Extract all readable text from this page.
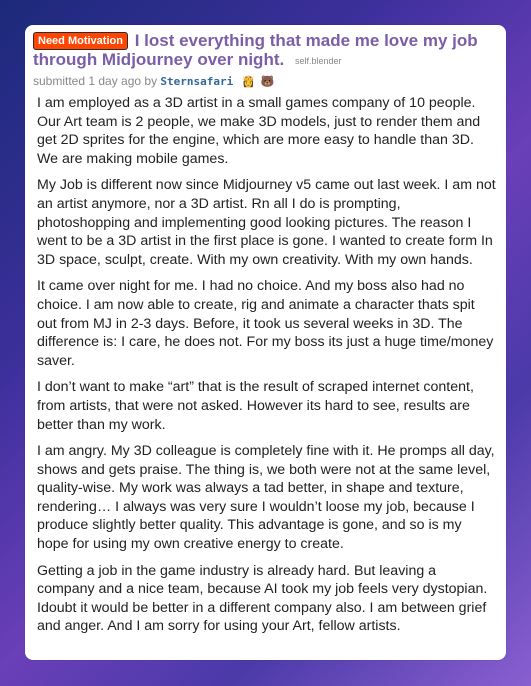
Need Motivation I lost everything that made me love my job through Midjourney over night. self.blender
submitted 1 day ago by Sternsafari 👸 🐻

I am employed as a 3D artist in a small games company of 10 people. Our Art team is 2 people, we make 3D models, just to render them and get 2D sprites for the engine, which are more easy to handle than 3D. We are making mobile games.

My Job is different now since Midjourney v5 came out last week. I am not an artist anymore, nor a 3D artist. Rn all I do is prompting, photoshopping and implementing good looking pictures. The reason I went to be a 3D artist in the first place is gone. I wanted to create form In 3D space, sculpt, create. With my own creativity. With my own hands.

It came over night for me. I had no choice. And my boss also had no choice. I am now able to create, rig and animate a character thats spit out from MJ in 2-3 days. Before, it took us several weeks in 3D. The difference is: I care, he does not. For my boss its just a huge time/money saver.

I don’t want to make “art” that is the result of scraped internet content, from artists, that were not asked. However its hard to see, results are better than my work.

I am angry. My 3D colleague is completely fine with it. He promps all day, shows and gets praise. The thing is, we both were not at the same level, quality-wise. My work was always a tad better, in shape and texture, rendering… I always was very sure I wouldn’t loose my job, because I produce slightly better quality. This advantage is gone, and so is my hope for using my own creative energy to create.

Getting a job in the game industry is already hard. But leaving a company and a nice team, because AI took my job feels very dystopian. Idoubt it would be better in a different company also. I am between grief and anger. And I am sorry for using your Art, fellow artists.
